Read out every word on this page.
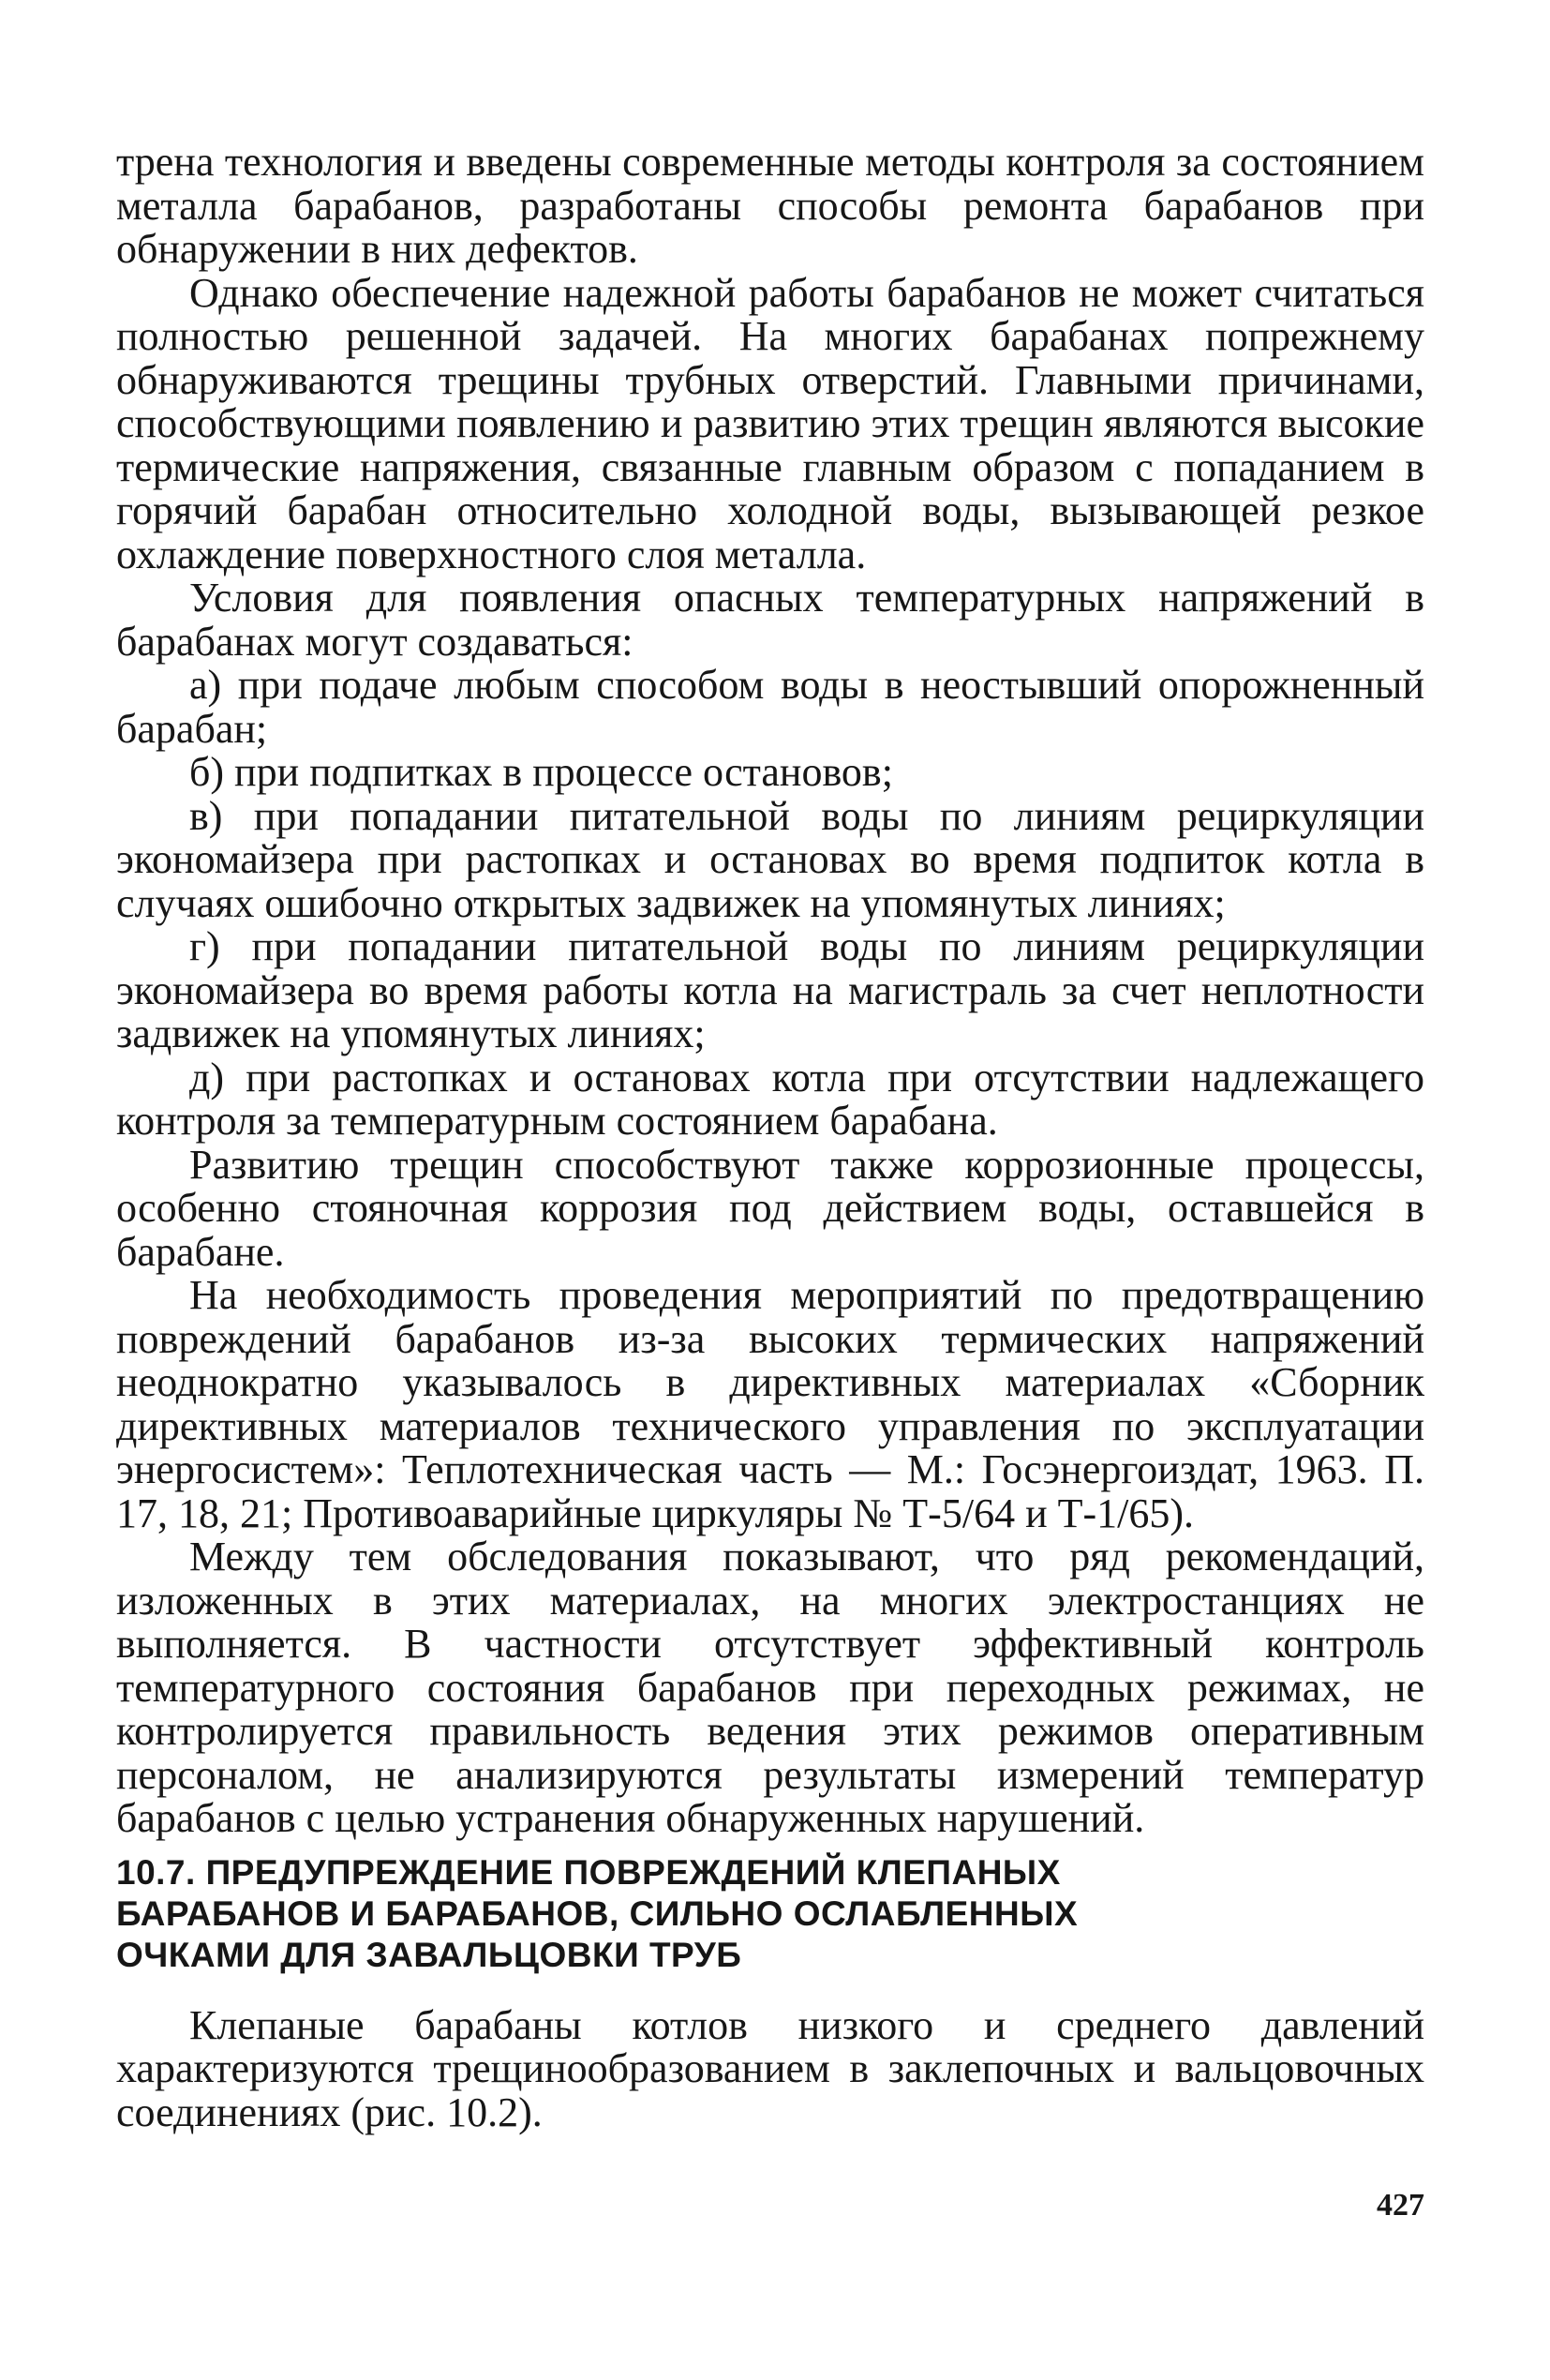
трена технология и введены современные методы контроля за состоянием металла барабанов, разработаны способы ремонта барабанов при обнаружении в них дефектов.

Однако обеспечение надежной работы барабанов не может считаться полностью решенной задачей. На многих барабанах попрежнему обнаруживаются трещины трубных отверстий. Главными причинами, способствующими появлению и развитию этих трещин являются высокие термические напряжения, связанные главным образом с попаданием в горячий барабан относительно холодной воды, вызывающей резкое охлаждение поверхностного слоя металла.

Условия для появления опасных температурных напряжений в барабанах могут создаваться:

а) при подаче любым способом воды в неостывший опорожненный барабан;

б) при подпитках в процессе остановов;

в) при попадании питательной воды по линиям рециркуляции экономайзера при растопках и остановах во время подпиток котла в случаях ошибочно открытых задвижек на упомянутых линиях;

г) при попадании питательной воды по линиям рециркуляции экономайзера во время работы котла на магистраль за счет неплотности задвижек на упомянутых линиях;

д) при растопках и остановах котла при отсутствии надлежащего контроля за температурным состоянием барабана.

Развитию трещин способствуют также коррозионные процессы, особенно стояночная коррозия под действием воды, оставшейся в барабане.

На необходимость проведения мероприятий по предотвращению повреждений барабанов из-за высоких термических напряжений неоднократно указывалось в директивных материалах «Сборник директивных материалов технического управления по эксплуатации энергосистем»: Теплотехническая часть — М.: Госэнергоиздат, 1963. П. 17, 18, 21; Противоаварийные циркуляры № Т-5/64 и Т-1/65).

Между тем обследования показывают, что ряд рекомендаций, изложенных в этих материалах, на многих электростанциях не выполняется. В частности отсутствует эффективный контроль температурного состояния барабанов при переходных режимах, не контролируется правильность ведения этих режимов оперативным персоналом, не анализируются результаты измерений температур барабанов с целью устранения обнаруженных нарушений.

10.7. ПРЕДУПРЕЖДЕНИЕ ПОВРЕЖДЕНИЙ КЛЕПАНЫХ
БАРАБАНОВ И БАРАБАНОВ, СИЛЬНО ОСЛАБЛЕННЫХ
ОЧКАМИ ДЛЯ ЗАВАЛЬЦОВКИ ТРУБ

Клепаные барабаны котлов низкого и среднего давлений характеризуются трещинообразованием в заклепочных и вальцовочных соединениях (рис. 10.2).

427
